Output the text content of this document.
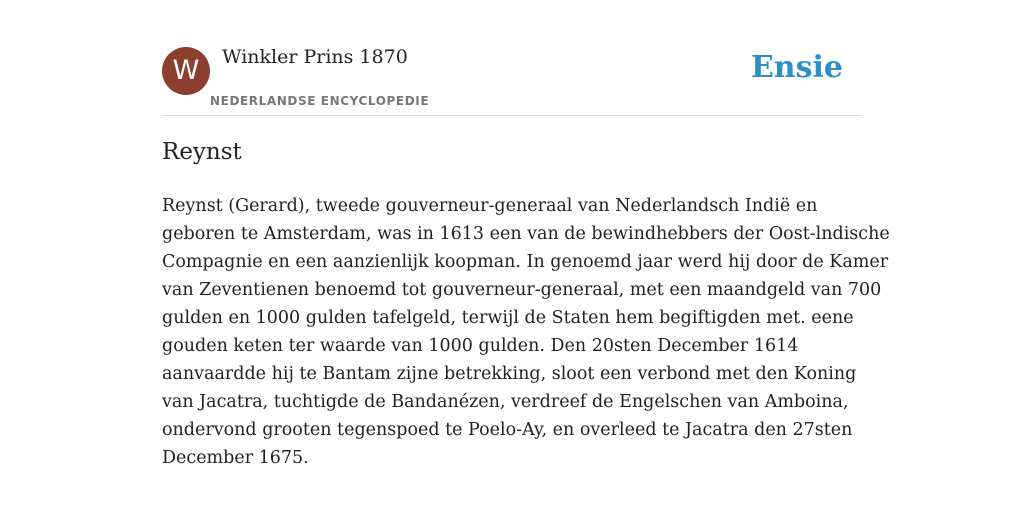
W	Winkler Prins 1870
NEDERLANDSE ENCYCLOPEDIE
Ensie
Reynst

Reynst (Gerard), tweede gouverneur-generaal van Nederlandsch Indië en
geboren te Amsterdam, was in 1613 een van de bewindhebbers der Oost-lndische
Compagnie en een aanzienlijk koopman. In genoemd jaar werd hij door de Kamer
van Zeventienen benoemd tot gouverneur-generaal, met een maandgeld van 700
gulden en 1000 gulden tafelgeld, terwijl de Staten hem begiftigden met. eene
gouden keten ter waarde van 1000 gulden. Den 20sten December 1614
aanvaardde hij te Bantam zijne betrekking, sloot een verbond met den Koning
van Jacatra, tuchtigde de Bandanézen, verdreef de Engelschen van Amboina,
ondervond grooten tegenspoed te Poelo-Ay, en overleed te Jacatra den 27sten
December 1675.
